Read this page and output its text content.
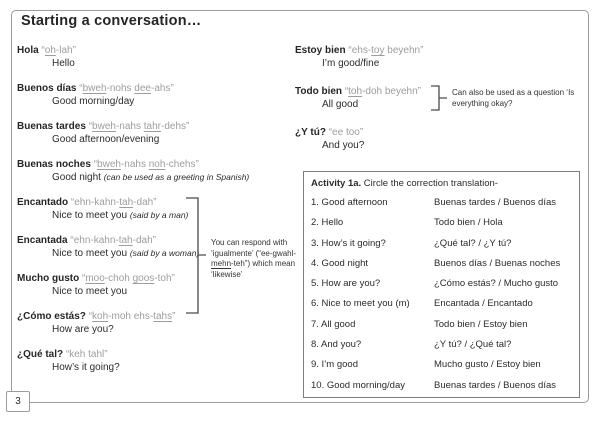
Starting a conversation…
Hola “oh-lah”
Hello
Buenos días “bweh-nohs dee-ahs”
Good morning/day
Buenas tardes “bweh-nahs tahr-dehs”
Good afternoon/evening
Buenas noches “bweh-nahs noh-chehs”
Good night (can be used as a greeting in Spanish)
Encantado “ehn-kahn-tah-dah”
Nice to meet you (said by a man)
Encantada “ehn-kahn-tah-dah”
Nice to meet you (said by a woman)
Mucho gusto “moo-choh goos-toh”
Nice to meet you
¿Cómo estás? “koh-moh ehs-tahs”
How are you?
¿Qué tal? “keh tahl”
How’s it going?
Estoy bien “ehs-toy beyehn”
I’m good/fine
Todo bien “toh-doh beyehn”
All good
¿Y tú? “ee too”
And you?
You can respond with ‘igualmente’ (“ee-gwahl-mehn-teh”) which mean ‘likewise’
Can also be used as a question ‘Is everything okay?
Activity 1a. Circle the correction translation-
1. Good afternoon	Buenas tardes / Buenos días
2. Hello	Todo bien / Hola
3. How’s it going?	¿Qué tal? / ¿Y tú?
4. Good night	Buenos días / Buenas noches
5. How are you?	¿Cómo estás? / Mucho gusto
6. Nice to meet you (m)	Encantada / Encantado
7. All good	Todo bien / Estoy bien
8. And you?	¿Y tú? / ¿Qué tal?
9. I’m good	Mucho gusto / Estoy bien
10. Good morning/day	Buenas tardes / Buenos días
3
